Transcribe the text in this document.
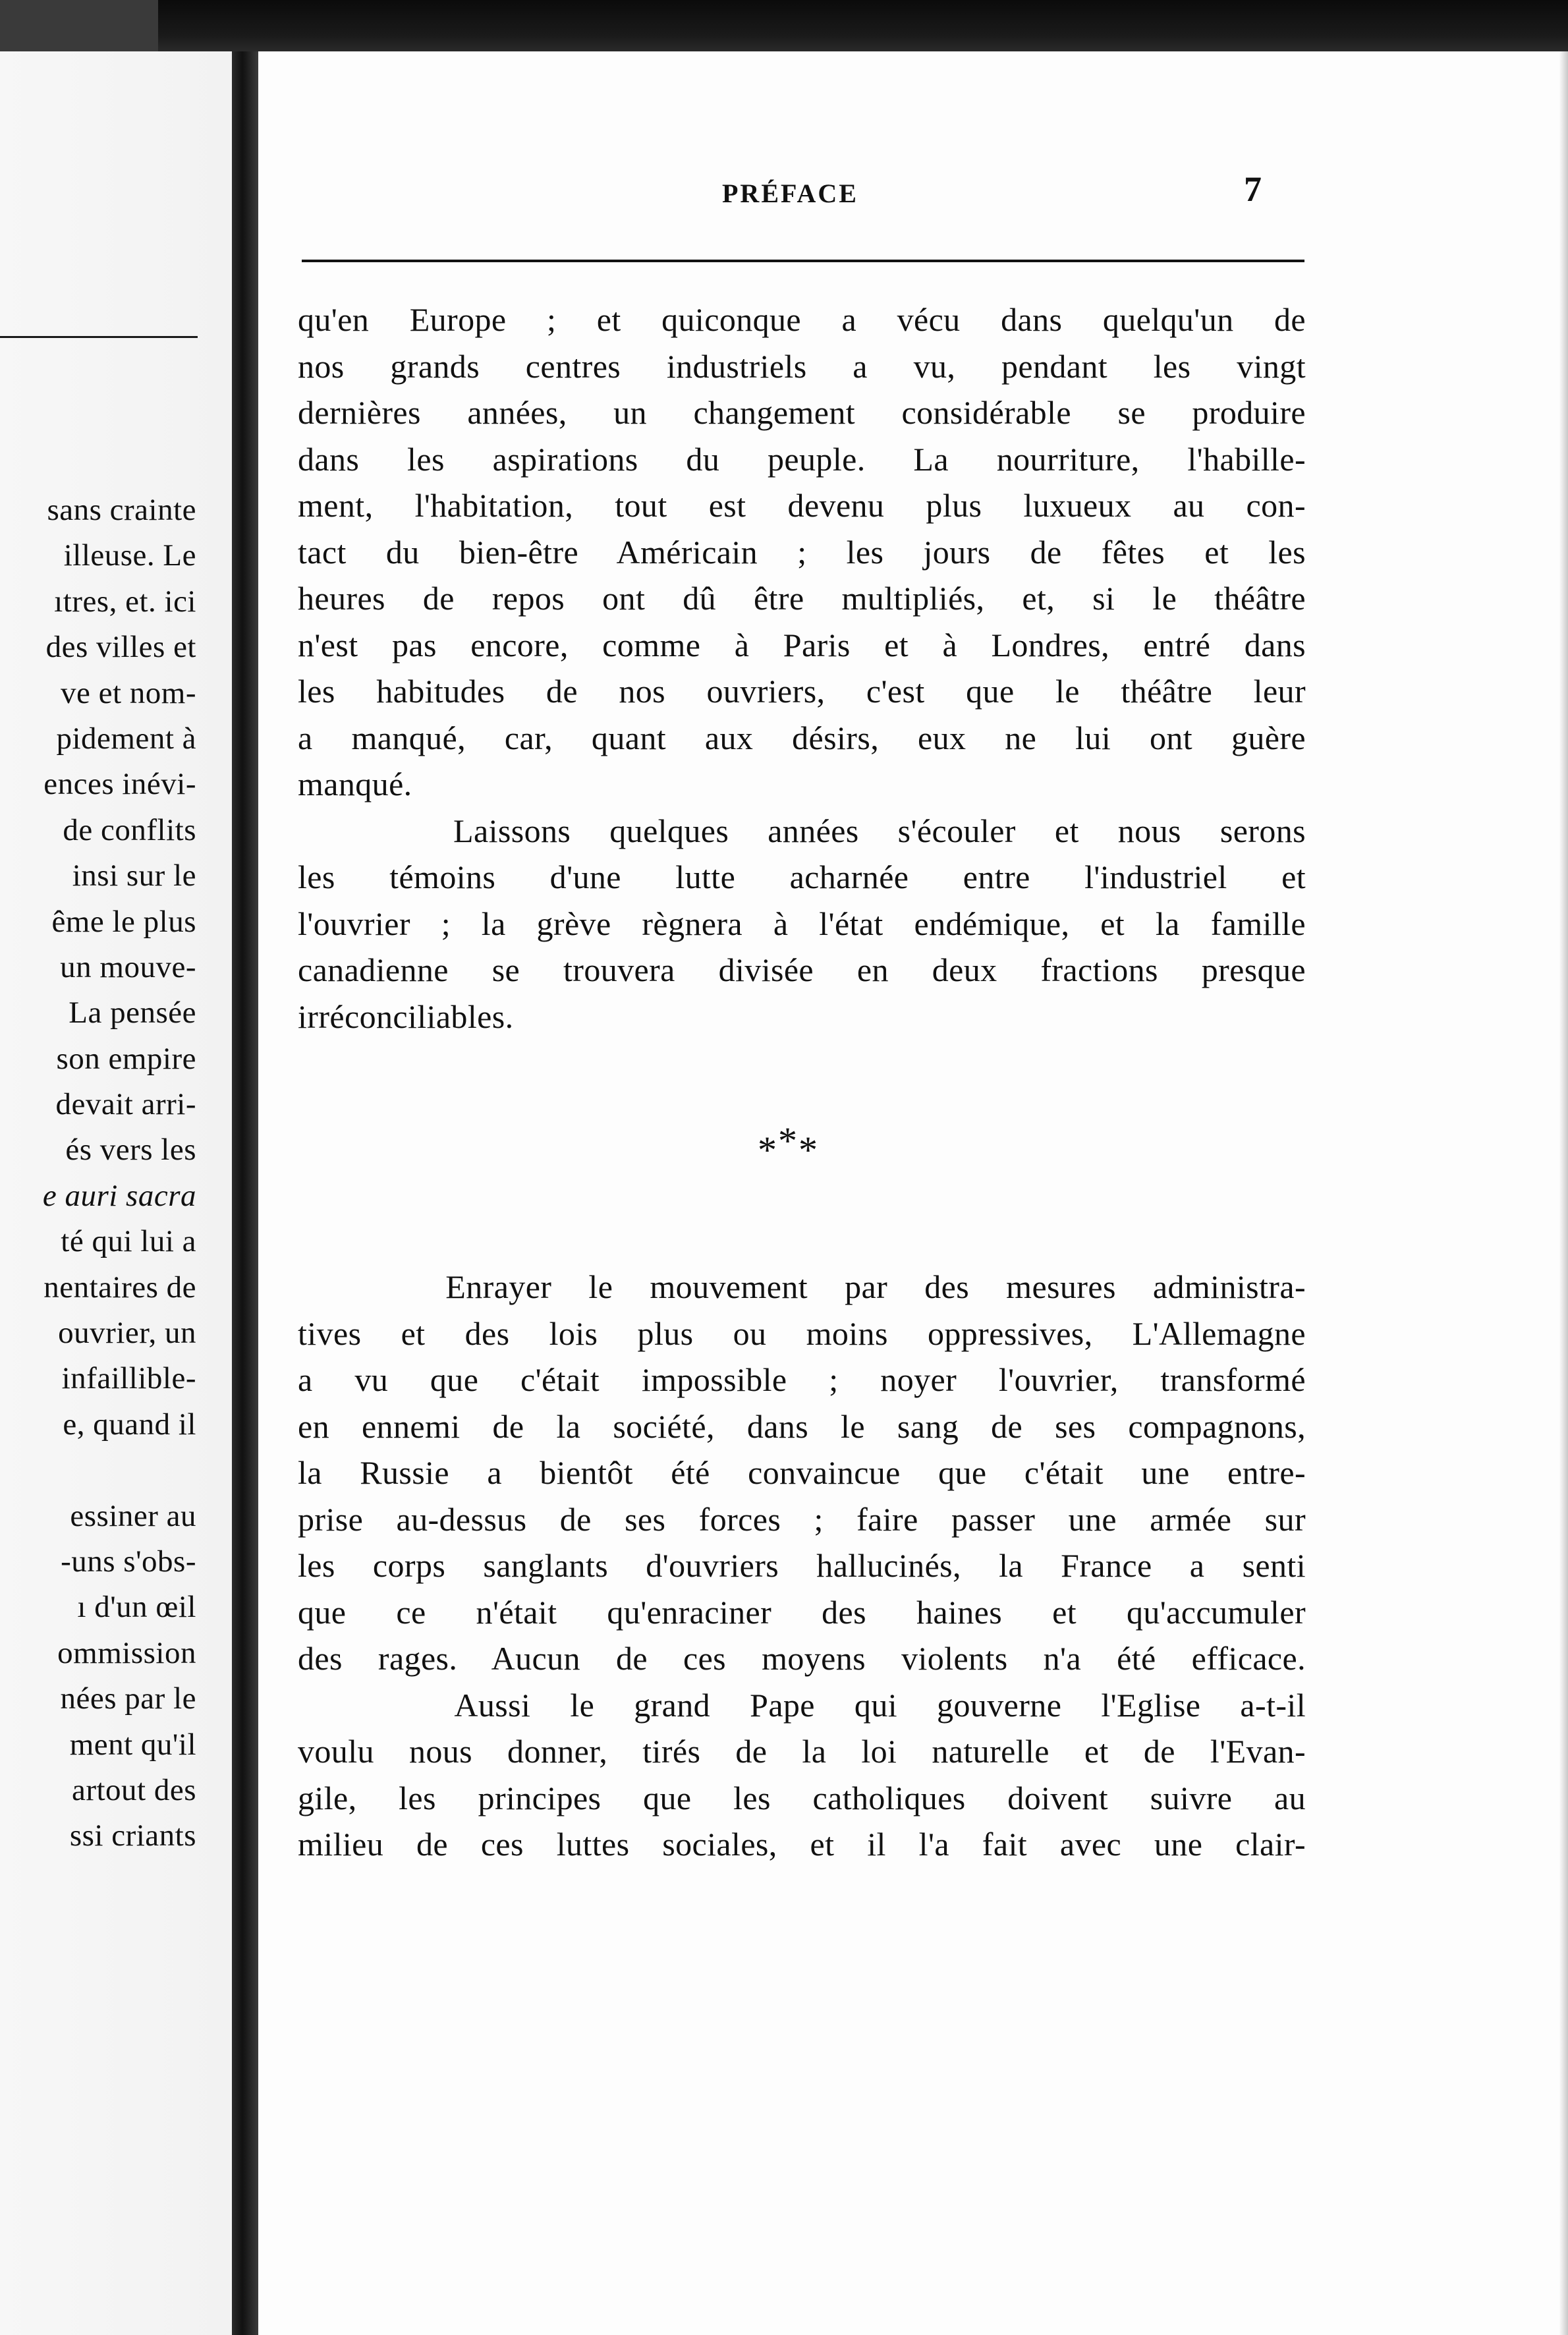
sans crainte
illeuse. Le
ıtres, et. ici
des villes et
ve et nom-
pidement à
ences inévi-
de conflits
insi sur le
ême le plus
un mouve-
La pensée
son empire
devait arri-
és vers les
e auri sacra
té qui lui a
nentaires de
ouvrier, un
infaillible-
e, quand il
essiner au
-uns s'obs-
ı d'un œil
ommission
nées par le
ment qu'il
artout des
ssi criants
PRÉFACE	7
qu'en Europe ; et quiconque a vécu dans quelqu'un de
nos grands centres industriels a vu, pendant les vingt
dernières années, un changement considérable se produire
dans les aspirations du peuple. La nourriture, l'habille-
ment, l'habitation, tout est devenu plus luxueux au con-
tact du bien-être Américain ; les jours de fêtes et les
heures de repos ont dû être multipliés, et, si le théâtre
n'est pas encore, comme à Paris et à Londres, entré dans
les habitudes de nos ouvriers, c'est que le théâtre leur
a manqué, car, quant aux désirs, eux ne lui ont guère
manqué.
Laissons quelques années s'écouler et nous serons
les témoins d'une lutte acharnée entre l'industriel et
l'ouvrier ; la grève règnera à l'état endémique, et la famille
canadienne se trouvera divisée en deux fractions presque
irréconciliables.
***
Enrayer le mouvement par des mesures administra-
tives et des lois plus ou moins oppressives, L'Allemagne
a vu que c'était impossible ; noyer l'ouvrier, transformé
en ennemi de la société, dans le sang de ses compagnons,
la Russie a bientôt été convaincue que c'était une entre-
prise au-dessus de ses forces ; faire passer une armée sur
les corps sanglants d'ouvriers hallucinés, la France a senti
que ce n'était qu'enraciner des haines et qu'accumuler
des rages. Aucun de ces moyens violents n'a été efficace.
Aussi le grand Pape qui gouverne l'Eglise a-t-il
voulu nous donner, tirés de la loi naturelle et de l'Evan-
gile, les principes que les catholiques doivent suivre au
milieu de ces luttes sociales, et il l'a fait avec une clair-
